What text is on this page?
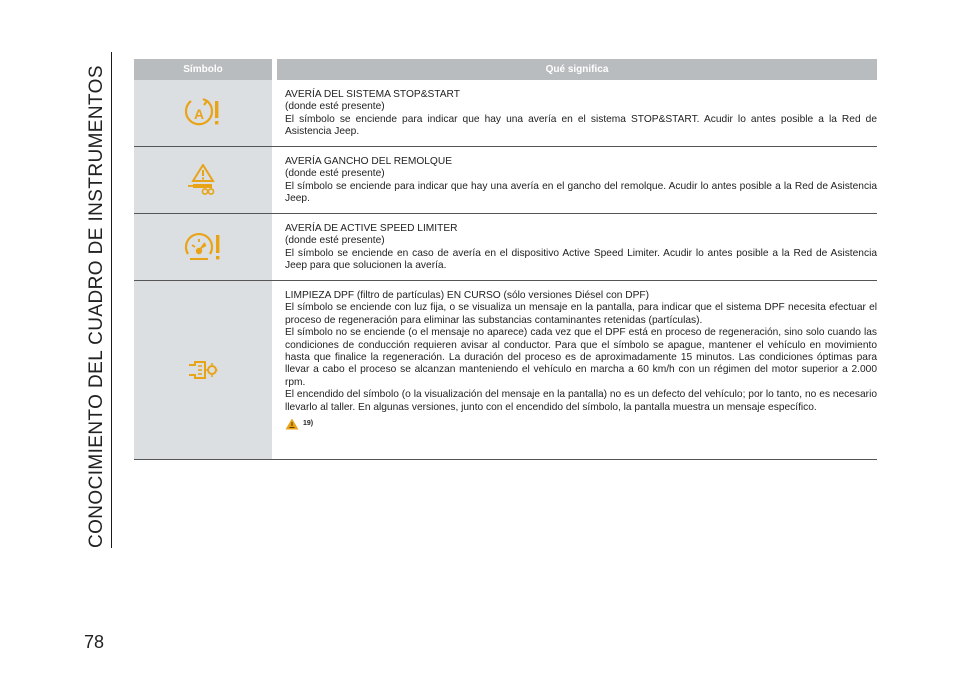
CONOCIMIENTO DEL CUADRO DE INSTRUMENTOS
78
Símbolo	Qué significa
A

AVERÍA DEL SISTEMA STOP&START

(donde esté presente)

El símbolo se enciende para indicar que hay una avería en el sistema STOP&START. Acudir lo antes posible a la Red de Asistencia Jeep.

AVERÍA GANCHO DEL REMOLQUE

(donde esté presente)

El símbolo se enciende para indicar que hay una avería en el gancho del remolque. Acudir lo antes posible a la Red de Asistencia Jeep.

AVERÍA DE ACTIVE SPEED LIMITER

(donde esté presente)

El símbolo se enciende en caso de avería en el dispositivo Active Speed Limiter. Acudir lo antes posible a la Red de Asistencia Jeep para que solucionen la avería.

LIMPIEZA DPF (filtro de partículas) EN CURSO (sólo versiones Diésel con DPF)

El símbolo se enciende con luz fija, o se visualiza un mensaje en la pantalla, para indicar que el sistema DPF necesita efectuar el proceso de regeneración para eliminar las substancias contaminantes retenidas (partículas).

El símbolo no se enciende (o el mensaje no aparece) cada vez que el DPF está en proceso de regeneración, sino solo cuando las condiciones de conducción requieren avisar al conductor. Para que el símbolo se apague, mantener el vehículo en movimiento hasta que finalice la regeneración. La duración del proceso es de aproximadamente 15 minutos. Las condiciones óptimas para llevar a cabo el proceso se alcanzan manteniendo el vehículo en marcha a 60 km/h con un régimen del motor superior a 2.000 rpm.

El encendido del símbolo (o la visualización del mensaje en la pantalla) no es un defecto del vehículo; por lo tanto, no es necesario llevarlo al taller. En algunas versiones, junto con el encendido del símbolo, la pantalla muestra un mensaje específico.

19)
